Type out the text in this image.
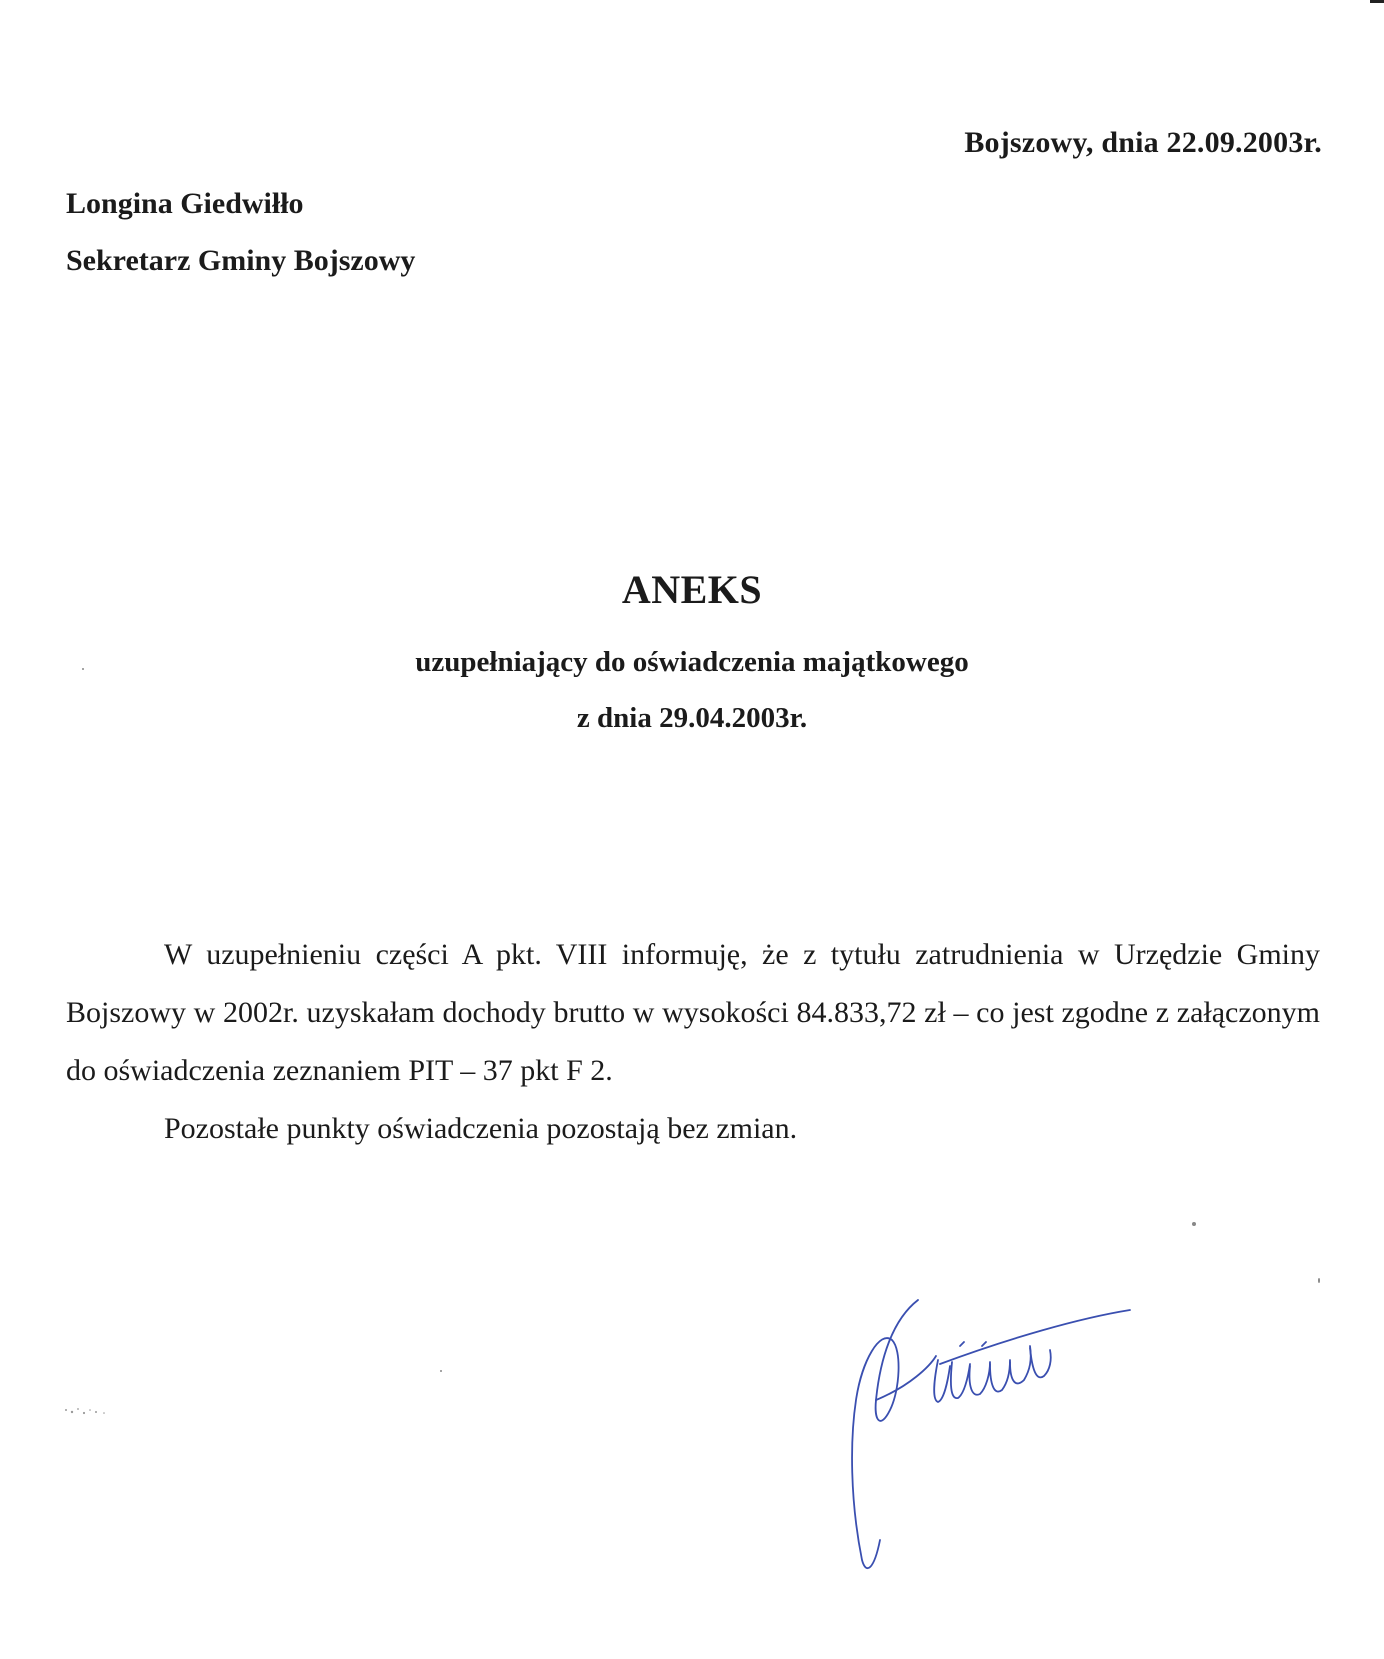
Bojszowy, dnia 22.09.2003r.
Longina Giedwiłło
Sekretarz Gminy Bojszowy
ANEKS
uzupełniający do oświadczenia majątkowego
z dnia 29.04.2003r.

W uzupełnieniu części A pkt. VIII informuję, że z tytułu zatrudnienia w Urzędzie Gminy Bojszowy w 2002r. uzyskałam dochody brutto w wysokości 84.833,72 zł – co jest zgodne z załączonym do oświadczenia zeznaniem PIT – 37 pkt F 2.

Pozostałe punkty oświadczenia pozostają bez zmian.
